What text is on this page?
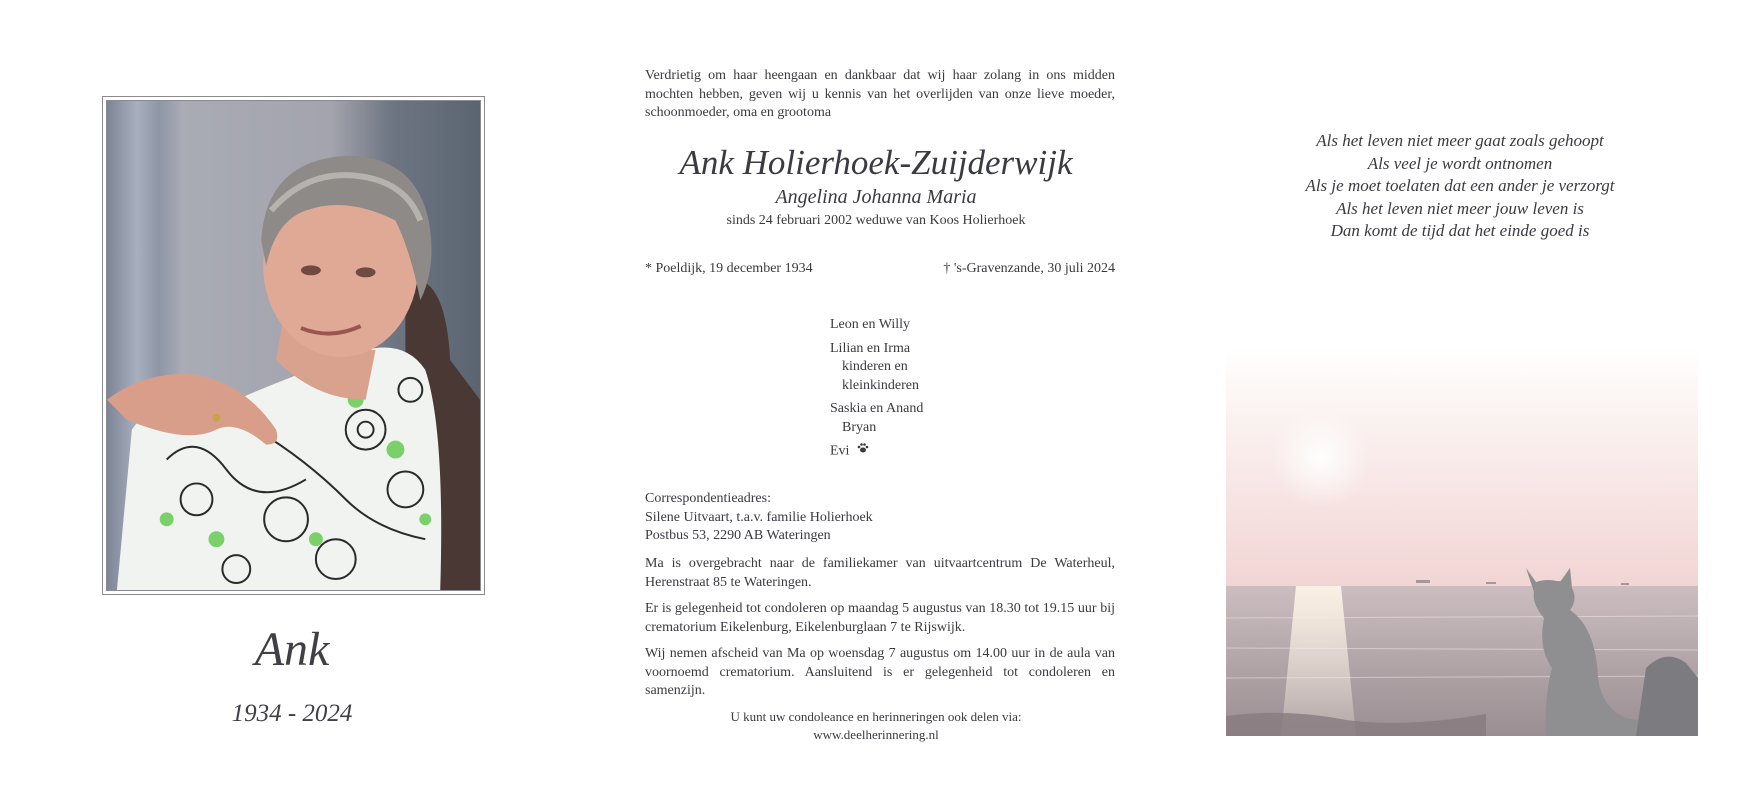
Ank
1934 - 2024
Verdrietig om haar heengaan en dankbaar dat wij haar zolang in ons midden mochten hebben, geven wij u kennis van het overlijden van onze lieve moeder, schoonmoeder, oma en grootoma
Ank Holierhoek-Zuijderwijk
Angelina Johanna Maria
sinds 24 februari 2002 weduwe van Koos Holierhoek
* Poeldijk, 19 december 1934	† 's-Gravenzande, 30 juli 2024
Leon en Willy
Lilian en Irma
kinderen en
kleinkinderen
Saskia en Anand
Bryan
Evi
Correspondentieadres:
Silene Uitvaart, t.a.v. familie Holierhoek
Postbus 53, 2290 AB Wateringen
Ma is overgebracht naar de familiekamer van uitvaartcentrum De Waterheul, Herenstraat 85 te Wateringen.
Er is gelegenheid tot condoleren op maandag 5 augustus van 18.30 tot 19.15 uur bij crematorium Eikelenburg, Eikelenburglaan 7 te Rijswijk.
Wij nemen afscheid van Ma op woensdag 7 augustus om 14.00 uur in de aula van voornoemd crematorium. Aansluitend is er gelegenheid tot condoleren en samenzijn.
U kunt uw condoleance en herinneringen ook delen via:
www.deelherinnering.nl
Als het leven niet meer gaat zoals gehoopt
Als veel je wordt ontnomen
Als je moet toelaten dat een ander je verzorgt
Als het leven niet meer jouw leven is
Dan komt de tijd dat het einde goed is
